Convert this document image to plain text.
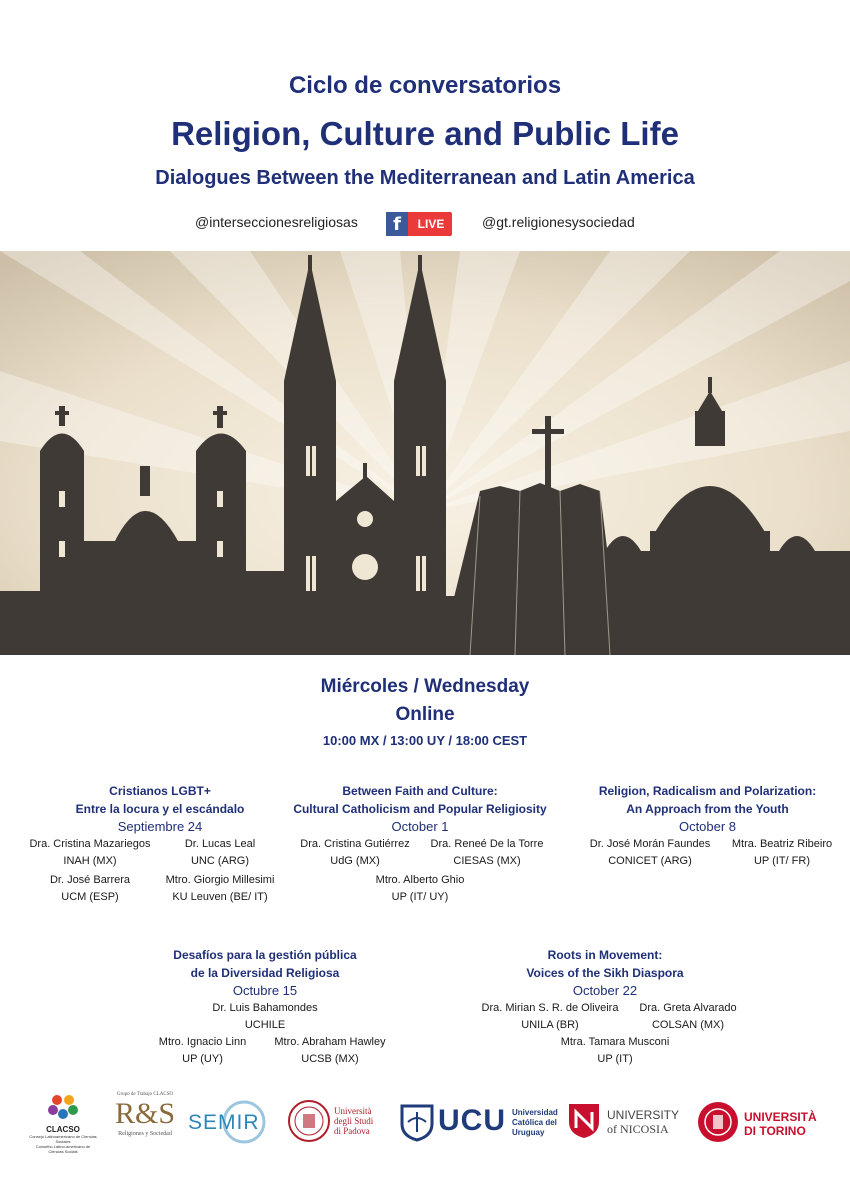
Ciclo de conversatorios
Religion, Culture and Public Life
Dialogues Between the Mediterranean and Latin America
@interseccionesreligiosas	f	LIVE	@gt.religionesysociedad
Miércoles / Wednesday
Online
10:00 MX / 13:00 UY / 18:00 CEST
Cristianos LGBT+
Entre la locura y el escándalo
Septiembre 24
Dra. Cristina Mazariegos
INAH (MX)
Dr. Lucas Leal
UNC (ARG)
Dr. José Barrera
UCM (ESP)
Mtro. Giorgio Millesimi
KU Leuven (BE/ IT)
Between Faith and Culture:
Cultural Catholicism and Popular Religiosity
October 1
Dra. Cristina Gutiérrez
UdG (MX)
Dra. Reneé De la Torre
CIESAS (MX)
Mtro. Alberto Ghio
UP (IT/ UY)
Religion, Radicalism and Polarization:
An Approach from the Youth
October 8
Dr. José Morán Faundes
CONICET (ARG)
Mtra. Beatriz Ribeiro
UP (IT/ FR)
Desafíos para la gestión pública
de la Diversidad Religiosa
Octubre 15
Dr. Luis Bahamondes
UCHILE
Mtro. Ignacio Linn
UP (UY)
Mtro. Abraham Hawley
UCSB (MX)
Roots in Movement:
Voices of the Sikh Diaspora
October 22
Dra. Mirian S. R. de Oliveira
UNILA (BR)
Dra. Greta Alvarado
COLSAN (MX)
Mtra. Tamara Musconi
UP (IT)
CLACSO
Consejo Latinoamericano de Ciencias Sociales
Conselho Latino-americano de Ciências Sociais
Grupo de Trabajo CLACSO
R&S
Religiones y Sociedad SEMIR	Università
degli Studi
di Padova UCU Universidad
Católica del
Uruguay
UNIVERSITY
of NICOSIA
UNIVERSITÀ
DI TORINO
